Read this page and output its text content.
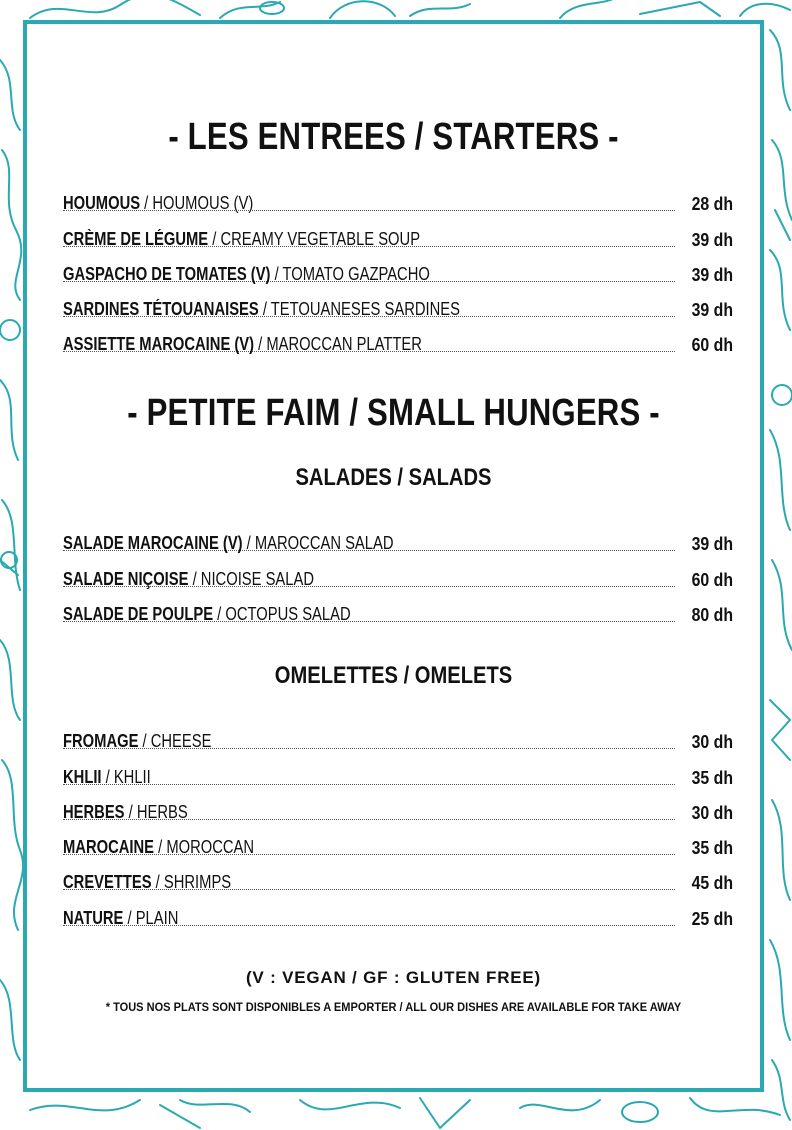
- LES ENTREES / STARTERS -
HOUMOUS / HOUMOUS (V)	28 dh
CRÈME DE LÉGUME / CREAMY VEGETABLE SOUP	39 dh
GASPACHO DE TOMATES (V) / TOMATO GAZPACHO	39 dh
SARDINES TÉTOUANAISES / TETOUANESES SARDINES	39 dh
ASSIETTE MAROCAINE (V) / MAROCCAN PLATTER	60 dh
- PETITE FAIM / SMALL HUNGERS -
SALADES / SALADS
SALADE MAROCAINE (V) / MAROCCAN SALAD	39 dh
SALADE NIÇOISE / NICOISE SALAD	60 dh
SALADE DE POULPE / OCTOPUS SALAD	80 dh
OMELETTES / OMELETS
FROMAGE / CHEESE	30 dh
KHLII / KHLII	35 dh
HERBES / HERBS	30 dh
MAROCAINE / MOROCCAN	35 dh
CREVETTES / SHRIMPS	45 dh
NATURE / PLAIN	25 dh

(V : VEGAN / GF : GLUTEN FREE)

* TOUS NOS PLATS SONT DISPONIBLES A EMPORTER / ALL OUR DISHES ARE AVAILABLE FOR TAKE AWAY
